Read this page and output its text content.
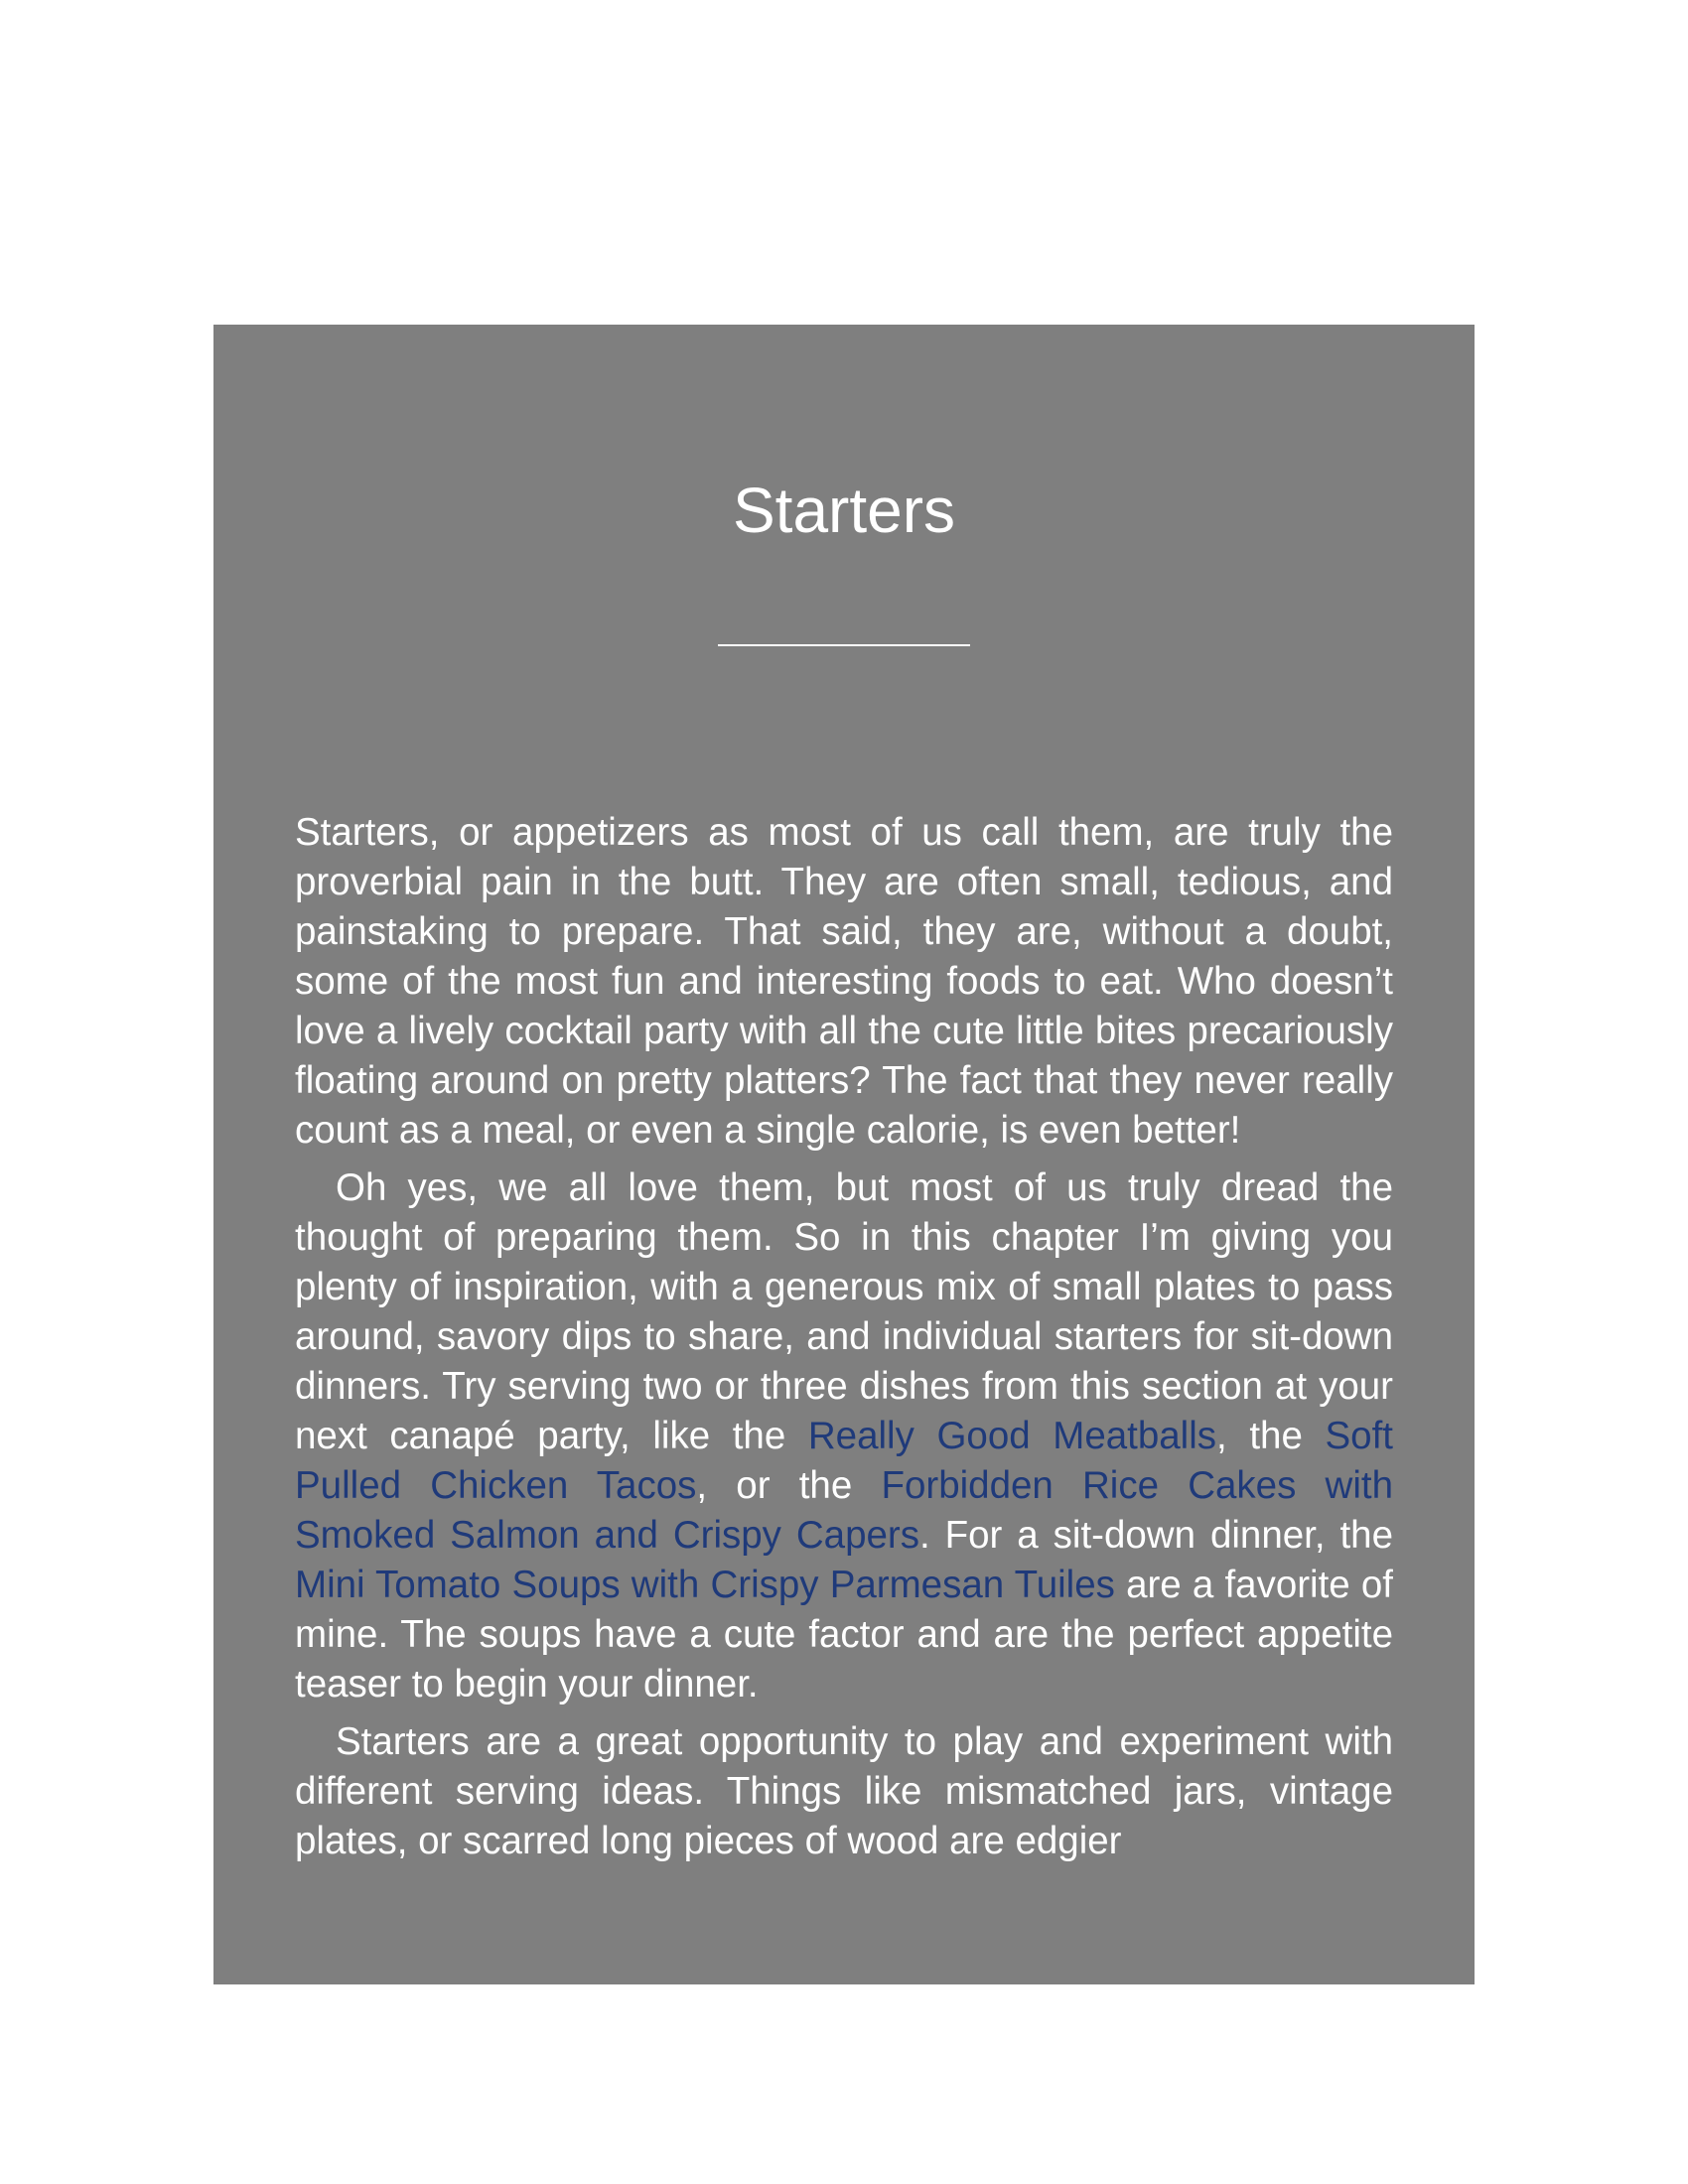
Starters

Starters, or appetizers as most of us call them, are truly the proverbial pain in the butt. They are often small, tedious, and painstaking to prepare. That said, they are, without a doubt, some of the most fun and interesting foods to eat. Who doesn’t love a lively cocktail party with all the cute little bites precariously floating around on pretty platters? The fact that they never really count as a meal, or even a single calorie, is even better!

Oh yes, we all love them, but most of us truly dread the thought of preparing them. So in this chapter I’m giving you plenty of inspiration, with a generous mix of small plates to pass around, savory dips to share, and individual starters for sit-down dinners. Try serving two or three dishes from this section at your next canapé party, like the Really Good Meatballs, the Soft Pulled Chicken Tacos, or the Forbidden Rice Cakes with Smoked Salmon and Crispy Capers. For a sit-down dinner, the Mini Tomato Soups with Crispy Parmesan Tuiles are a favorite of mine. The soups have a cute factor and are the perfect appetite teaser to begin your dinner.

Starters are a great opportunity to play and experiment with different serving ideas. Things like mismatched jars, vintage plates, or scarred long pieces of wood are edgier
